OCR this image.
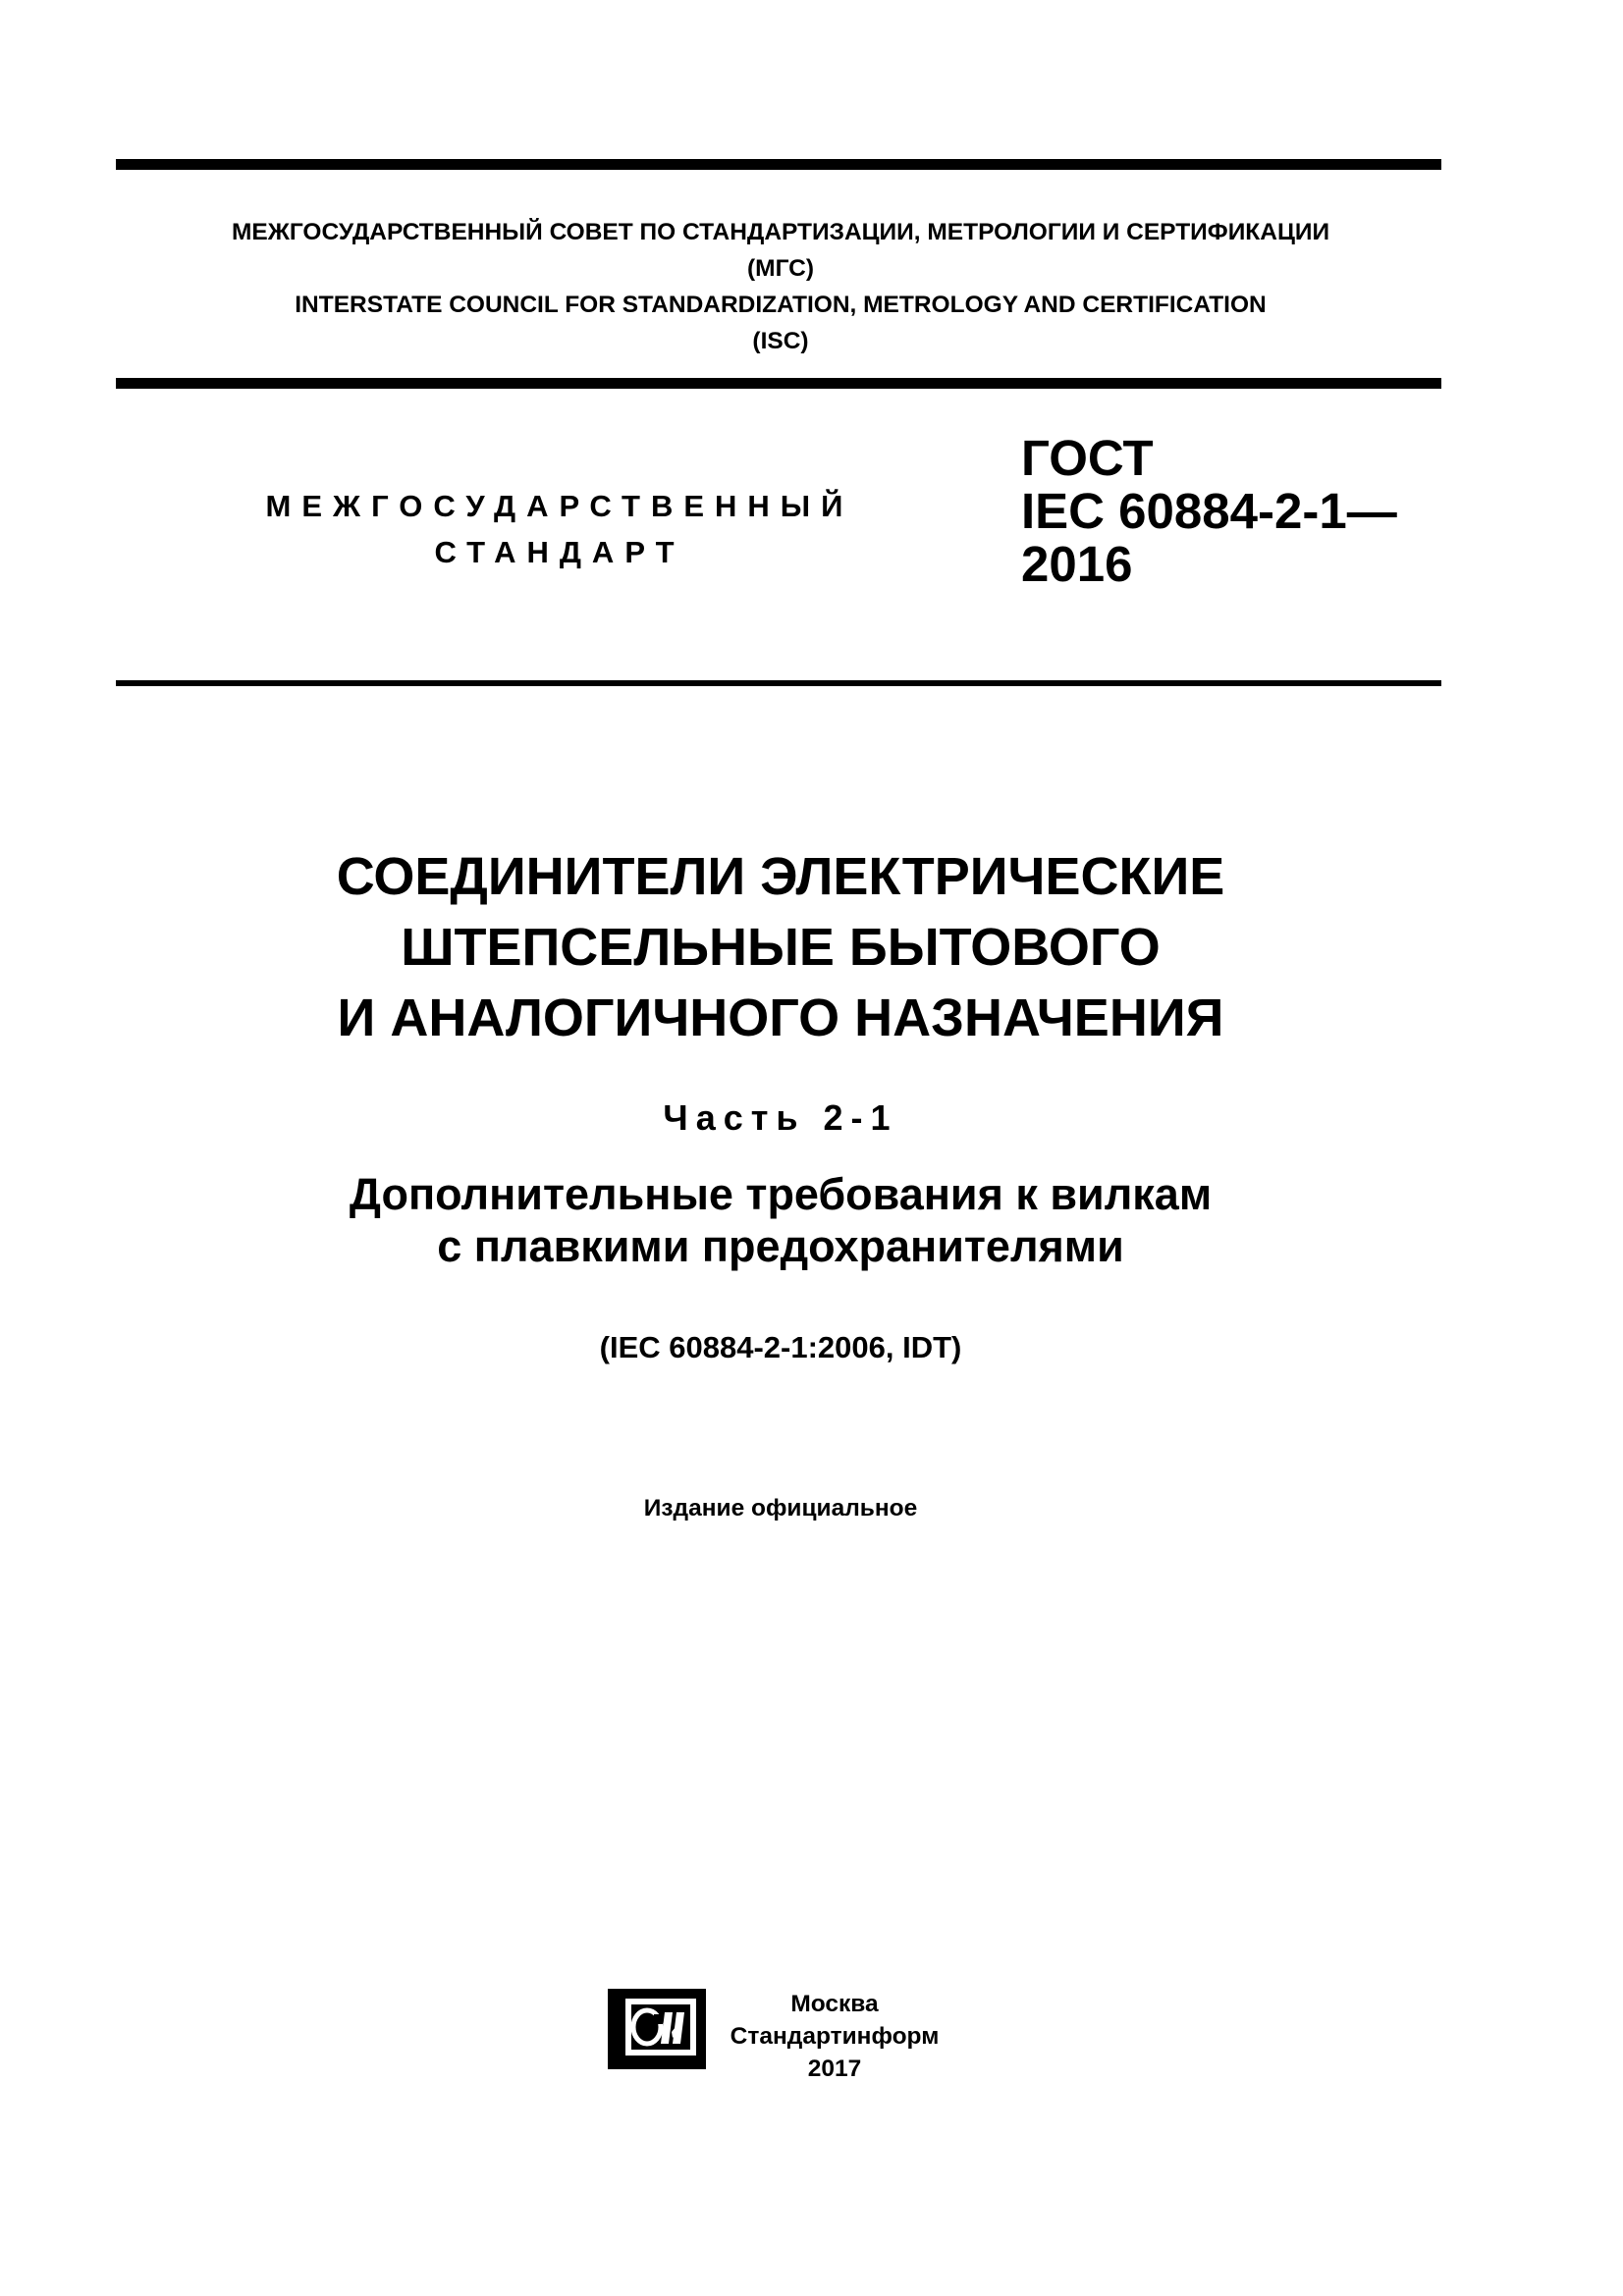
МЕЖГОСУДАРСТВЕННЫЙ СОВЕТ ПО СТАНДАРТИЗАЦИИ, МЕТРОЛОГИИ И СЕРТИФИКАЦИИ
(МГС)
INTERSTATE COUNCIL FOR STANDARDIZATION, METROLOGY AND CERTIFICATION
(ISC)
МЕЖГОСУДАРСТВЕННЫЙ
СТАНДАРТ
ГОСТ
IEC 60884-2-1—
2016
СОЕДИНИТЕЛИ ЭЛЕКТРИЧЕСКИЕ
ШТЕПСЕЛЬНЫЕ БЫТОВОГО
И АНАЛОГИЧНОГО НАЗНАЧЕНИЯ
Часть 2-1
Дополнительные требования к вилкам
с плавкими предохранителями
(IEC 60884-2-1:2006, IDT)
Издание официальное
Москва
Стандартинформ
2017
